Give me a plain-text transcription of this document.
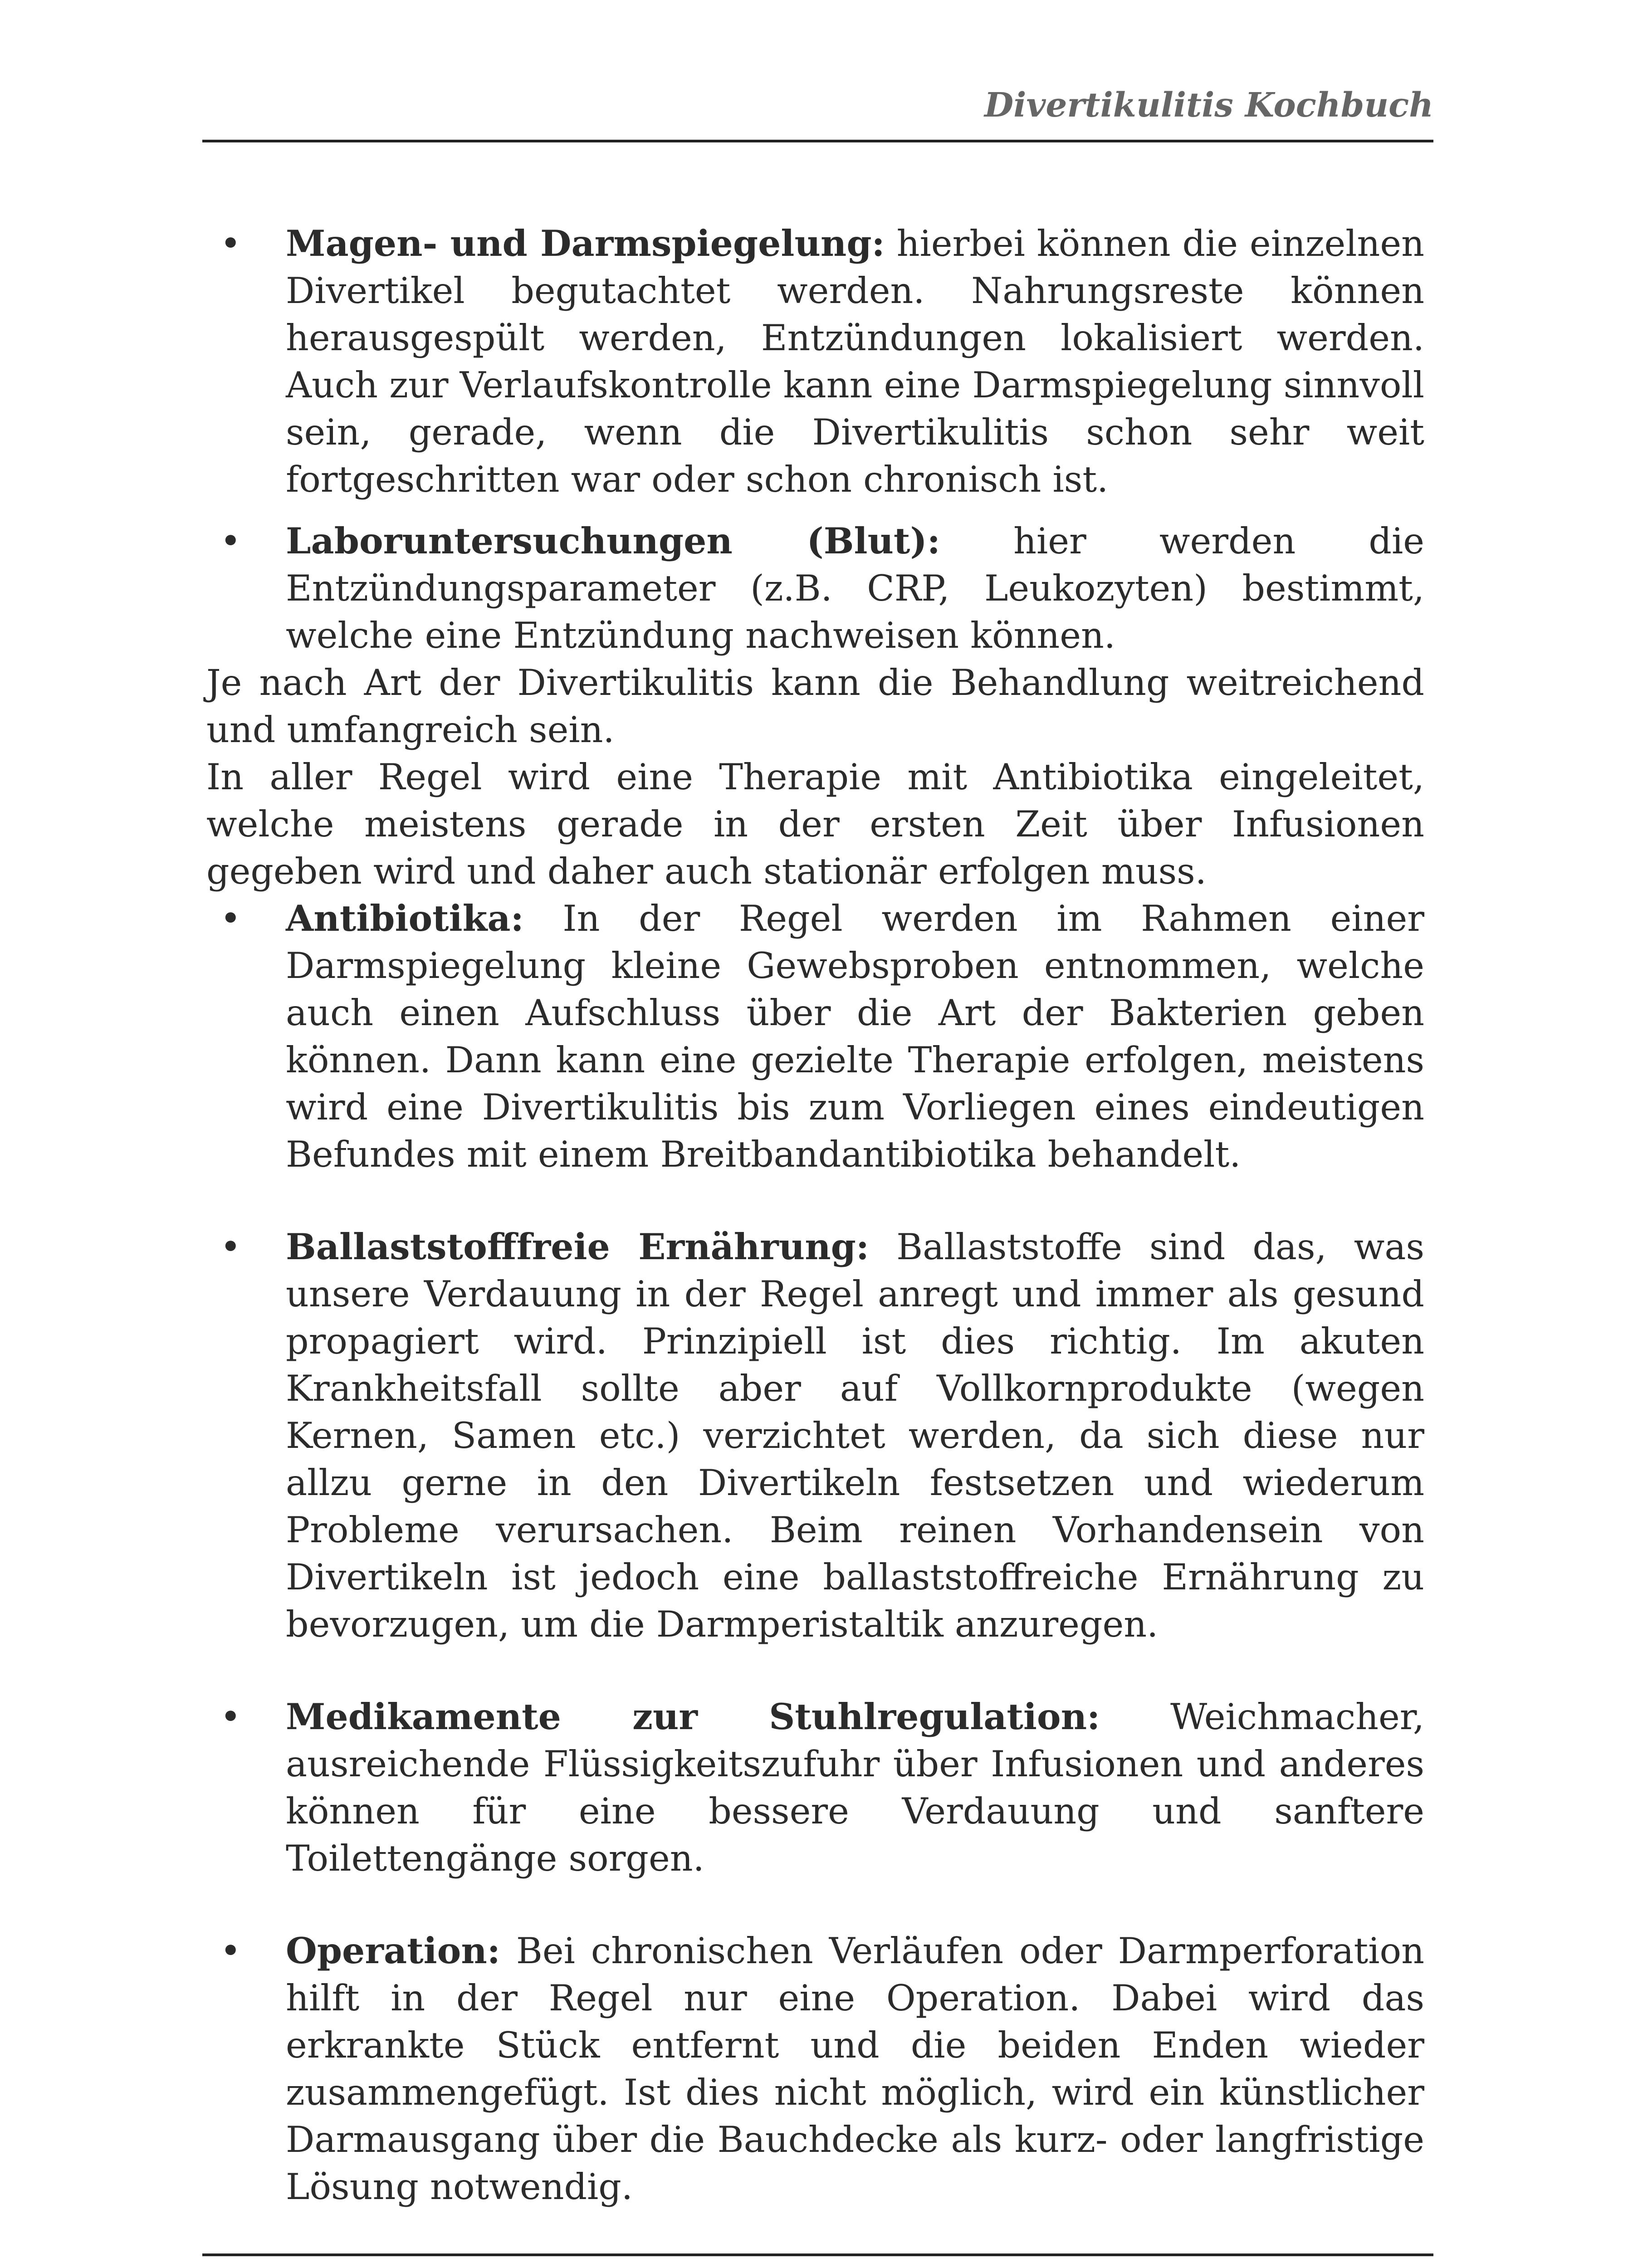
Divertikulitis Kochbuch
• Magen- und Darmspiegelung: hierbei können die einzelnen Divertikel begutachtet werden. Nahrungsreste können herausgespült werden, Entzündungen lokalisiert werden. Auch zur Verlaufskontrolle kann eine Darmspiegelung sinnvoll sein, gerade, wenn die Divertikulitis schon sehr weit fortgeschritten war oder schon chronisch ist.
• Laboruntersuchungen (Blut): hier werden die Entzündungsparameter (z.B. CRP, Leukozyten) bestimmt, welche eine Entzündung nachweisen können.

Je nach Art der Divertikulitis kann die Behandlung weitreichend und umfangreich sein.

In aller Regel wird eine Therapie mit Antibiotika eingeleitet, welche meistens gerade in der ersten Zeit über Infusionen gegeben wird und daher auch stationär erfolgen muss.

• Antibiotika: In der Regel werden im Rahmen einer Darmspiegelung kleine Gewebsproben entnommen, welche auch einen Aufschluss über die Art der Bakterien geben können. Dann kann eine gezielte Therapie erfolgen, meistens wird eine Divertikulitis bis zum Vorliegen eines eindeutigen Befundes mit einem Breitbandantibiotika behandelt.
• Ballaststofffreie Ernährung: Ballaststoffe sind das, was unsere Verdauung in der Regel anregt und immer als gesund propagiert wird. Prinzipiell ist dies richtig. Im akuten Krankheitsfall sollte aber auf Vollkornprodukte (wegen Kernen, Samen etc.) verzichtet werden, da sich diese nur allzu gerne in den Divertikeln festsetzen und wiederum Probleme verursachen. Beim reinen Vorhandensein von Divertikeln ist jedoch eine ballaststoffreiche Ernährung zu bevorzugen, um die Darmperistaltik anzuregen.
• Medikamente zur Stuhlregulation: Weichmacher, ausreichende Flüssigkeitszufuhr über Infusionen und anderes können für eine bessere Verdauung und sanftere Toilettengänge sorgen.
• Operation: Bei chronischen Verläufen oder Darmperforation hilft in der Regel nur eine Operation. Dabei wird das erkrankte Stück entfernt und die beiden Enden wieder zusammengefügt. Ist dies nicht möglich, wird ein künstlicher Darmausgang über die Bauchdecke als kurz- oder langfristige Lösung notwendig.
